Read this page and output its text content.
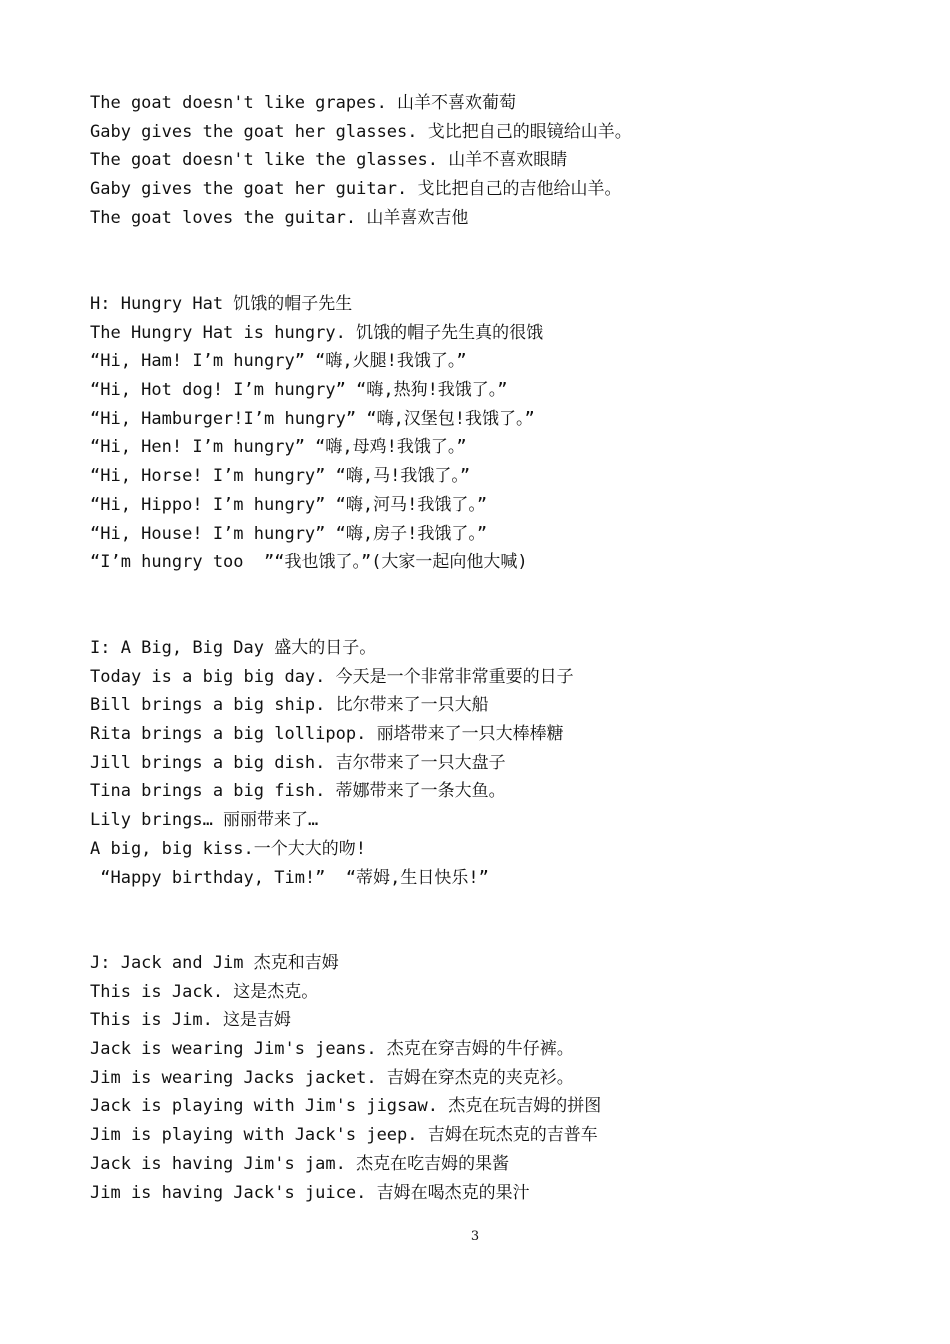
The goat doesn't like grapes. 山羊不喜欢葡萄
Gaby gives the goat her glasses. 戈比把自己的眼镜给山羊。
The goat doesn't like the glasses. 山羊不喜欢眼睛
Gaby gives the goat her guitar. 戈比把自己的吉他给山羊。
The goat loves the guitar. 山羊喜欢吉他
H: Hungry Hat 饥饿的帽子先生
The Hungry Hat is hungry. 饥饿的帽子先生真的很饿
“Hi, Ham! I’m hungry” “嗨,火腿!我饿了。”
“Hi, Hot dog! I’m hungry” “嗨,热狗!我饿了。”
“Hi, Hamburger!I’m hungry” “嗨,汉堡包!我饿了。”
“Hi, Hen! I’m hungry” “嗨,母鸡!我饿了。”
“Hi, Horse! I’m hungry” “嗨,马!我饿了。”
“Hi, Hippo! I’m hungry” “嗨,河马!我饿了。”
“Hi, House! I’m hungry” “嗨,房子!我饿了。”
“I’m hungry too  ”“我也饿了。”(大家一起向他大喊)
I: A Big, Big Day 盛大的日子。
Today is a big big day. 今天是一个非常非常重要的日子
Bill brings a big ship. 比尔带来了一只大船
Rita brings a big lollipop. 丽塔带来了一只大棒棒糖
Jill brings a big dish. 吉尔带来了一只大盘子
Tina brings a big fish. 蒂娜带来了一条大鱼。
Lily brings… 丽丽带来了…
A big, big kiss.一个大大的吻!
“Happy birthday, Tim!”  “蒂姆,生日快乐!”
J: Jack and Jim 杰克和吉姆
This is Jack. 这是杰克。
This is Jim. 这是吉姆
Jack is wearing Jim's jeans. 杰克在穿吉姆的牛仔裤。
Jim is wearing Jacks jacket. 吉姆在穿杰克的夹克衫。
Jack is playing with Jim's jigsaw. 杰克在玩吉姆的拼图
Jim is playing with Jack's jeep. 吉姆在玩杰克的吉普车
Jack is having Jim's jam. 杰克在吃吉姆的果酱
Jim is having Jack's juice. 吉姆在喝杰克的果汁
3
